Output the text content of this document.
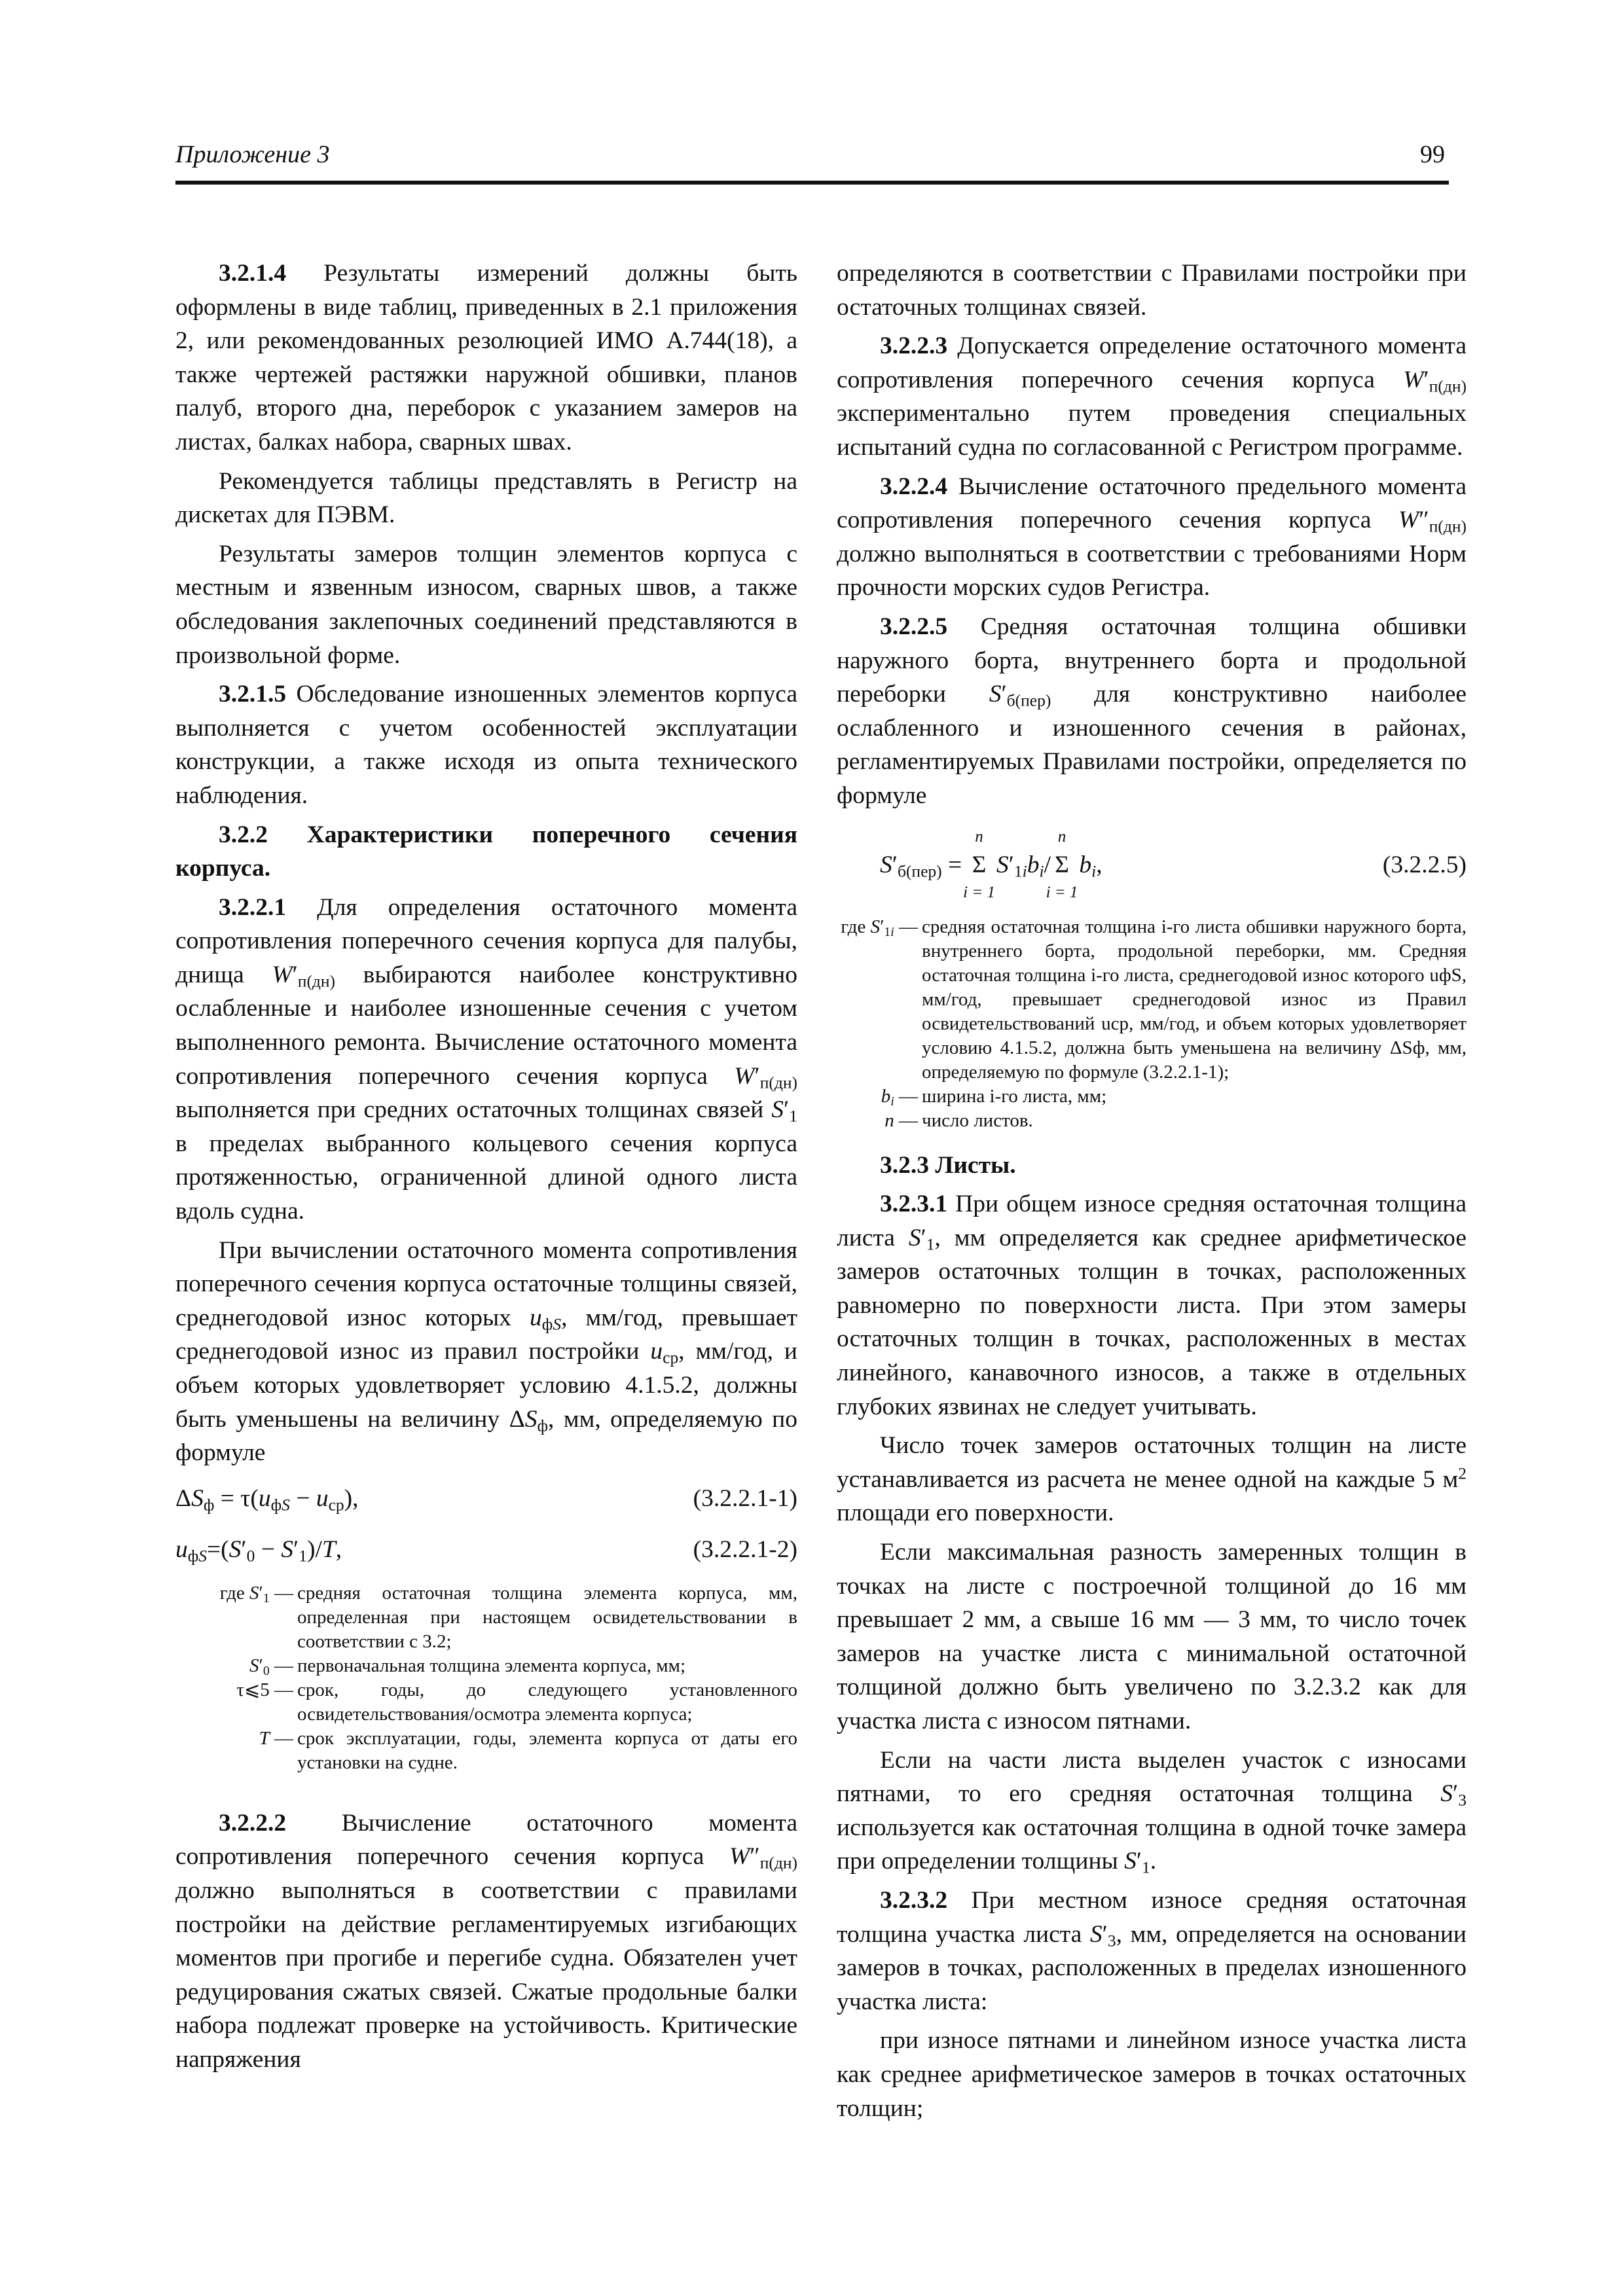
Приложение 3	99

3.2.1.4 Результаты измерений должны быть оформлены в виде таблиц, приведенных в 2.1 приложения 2, или рекомендованных резолюцией ИМО А.744(18), а также чертежей растяжки наружной обшивки, планов палуб, второго дна, переборок с указанием замеров на листах, балках набора, сварных швах.

Рекомендуется таблицы представлять в Регистр на дискетах для ПЭВМ.

Результаты замеров толщин элементов корпуса с местным и язвенным износом, сварных швов, а также обследования заклепочных соединений представляются в произвольной форме.

3.2.1.5 Обследование изношенных элементов корпуса выполняется с учетом особенностей эксплуатации конструкции, а также исходя из опыта технического наблюдения.

3.2.2 Характеристики поперечного сечения корпуса.

3.2.2.1 Для определения остаточного момента сопротивления поперечного сечения корпуса для палубы, днища $W'_{п(дн)}$ выбираются наиболее конструктивно ослабленные и наиболее изношенные сечения с учетом выполненного ремонта. Вычисление остаточного момента сопротивления поперечного сечения корпуса $W'_{п(дн)}$ выполняется при средних остаточных толщинах связей $S'_1$ в пределах выбранного кольцевого сечения корпуса протяженностью, ограниченной длиной одного листа вдоль судна.

При вычислении остаточного момента сопротивления поперечного сечения корпуса остаточные толщины связей, среднегодовой износ которых $u_{фS}$, мм/год, превышает среднегодовой износ из правил постройки $u_{ср}$, мм/год, и объем которых удовлетворяет условию 4.1.5.2, должны быть уменьшены на величину $\Delta S_ф$, мм, определяемую по формуле

$\Delta S_ф = \tau(u_{фS} - u_{ср})$,	(3.2.2.1-1)
$u_{фS}=(S'_0 - S'_1)/T$,	(3.2.2.1-2)
где $S'_1$ — средняя остаточная толщина элемента корпуса, мм, определенная при настоящем освидетельствовании в соответствии с 3.2;
$S'_0$ — первоначальная толщина элемента корпуса, мм;
τ⩽5 — срок, годы, до следующего установленного освидетельствования/осмотра элемента корпуса;
T — срок эксплуатации, годы, элемента корпуса от даты его установки на судне.

3.2.2.2 Вычисление остаточного момента сопротивления поперечного сечения корпуса $W''_{п(дн)}$ должно выполняться в соответствии с правилами постройки на действие регламентируемых изгибающих моментов при прогибе и перегибе судна. Обязателен учет редуцирования сжатых связей. Сжатые продольные балки набора подлежат проверке на устойчивость. Критические напряжения

определяются в соответствии с Правилами постройки при остаточных толщинах связей.

3.2.2.3 Допускается определение остаточного момента сопротивления поперечного сечения корпуса $W'_{п(дн)}$ экспериментально путем проведения специальных испытаний судна по согласованной с Регистром программе.

3.2.2.4 Вычисление остаточного предельного момента сопротивления поперечного сечения корпуса $W''_{п(дн)}$ должно выполняться в соответствии с требованиями Норм прочности морских судов Регистра.

3.2.2.5 Средняя остаточная толщина обшивки наружного борта, внутреннего борта и продольной переборки $S'_{б(пер)}$ для конструктивно наиболее ослабленного и изношенного сечения в районах, регламентируемых Правилами постройки, определяется по формуле

$S'_{б(пер)}$ =
n
Σ
i = 1
$S'_{1i}b_i/$
n
Σ
i = 1
$b_i$,	(3.2.2.5)
где $S'_{1i}$ — средняя остаточная толщина i-го листа обшивки наружного борта, внутреннего борта, продольной переборки, мм. Средняя остаточная толщина i-го листа, среднегодовой износ которого uфS, мм/год, превышает среднегодовой износ из Правил освидетельствований uср, мм/год, и объем которых удовлетворяет условию 4.1.5.2, должна быть уменьшена на величину ΔSф, мм, определяемую по формуле (3.2.2.1-1);
$b_i$ — ширина i-го листа, мм;
n — число листов.

3.2.3 Листы.

3.2.3.1 При общем износе средняя остаточная толщина листа $S'_1$, мм определяется как среднее арифметическое замеров остаточных толщин в точках, расположенных равномерно по поверхности листа. При этом замеры остаточных толщин в точках, расположенных в местах линейного, канавочного износов, а также в отдельных глубоких язвинах не следует учитывать.

Число точек замеров остаточных толщин на листе устанавливается из расчета не менее одной на каждые 5 $м^2$ площади его поверхности.

Если максимальная разность замеренных толщин в точках на листе с построечной толщиной до 16 мм превышает 2 мм, а свыше 16 мм — 3 мм, то число точек замеров на участке листа с минимальной остаточной толщиной должно быть увеличено по 3.2.3.2 как для участка листа с износом пятнами.

Если на части листа выделен участок с износами пятнами, то его средняя остаточная толщина $S'_3$ используется как остаточная толщина в одной точке замера при определении толщины $S'_1$.

3.2.3.2 При местном износе средняя остаточная толщина участка листа $S'_3$, мм, определяется на основании замеров в точках, расположенных в пределах изношенного участка листа:

при износе пятнами и линейном износе участка листа как среднее арифметическое замеров в точках остаточных толщин;
